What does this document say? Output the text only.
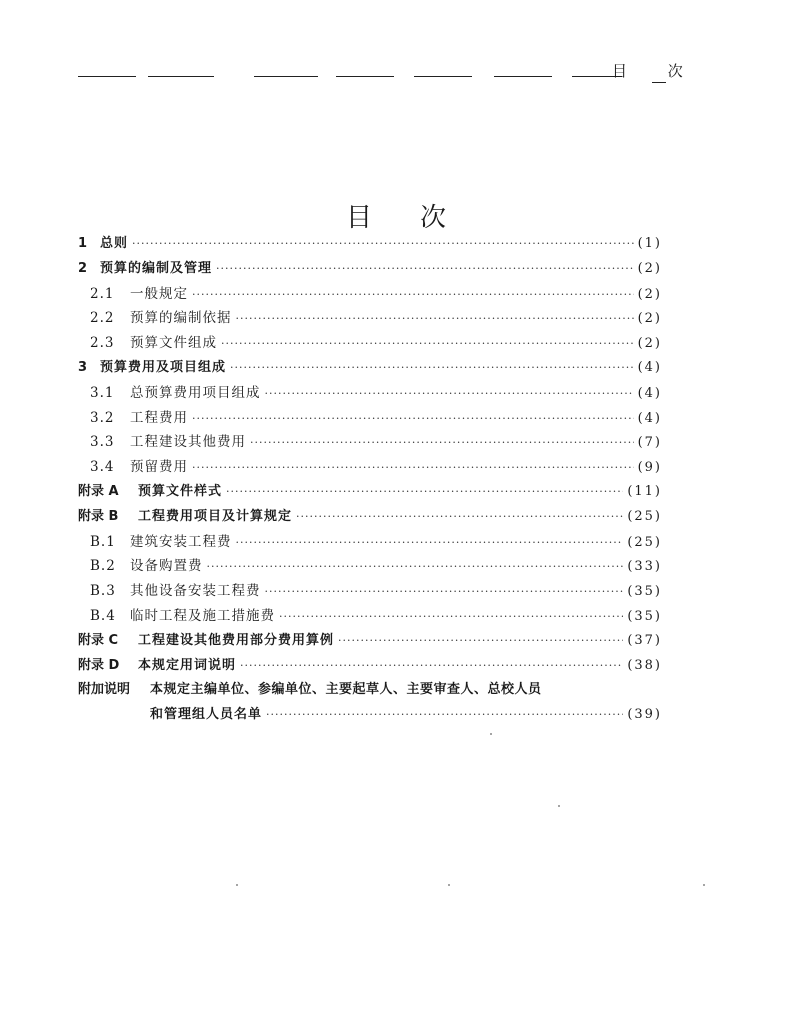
目 次
目次
1 总则 ·····	(1)
2 预算的编制及管理 ·····	(2)
2.1	一般规定 ·····	(2)
2.2	预算的编制依据 ·····	(2)
2.3	预算文件组成 ·····	(2)
3 预算费用及项目组成 ·····	(4)
3.1	总预算费用项目组成 ·····	(4)
3.2	工程费用 ·····	(4)
3.3	工程建设其他费用 ·····	(7)
3.4	预留费用 ·····	(9)
附录 A	预算文件样式 ·····	(11)
附录 B	工程费用项目及计算规定 ·····	(25)
B.1	建筑安装工程费 ·····	(25)
B.2	设备购置费 ·····	(33)
B.3	其他设备安装工程费 ·····	(35)
B.4	临时工程及施工措施费 ·····	(35)
附录 C	工程建设其他费用部分费用算例 ·····	(37)
附录 D	本规定用词说明 ·····	(38)
附加说明	本规定主编单位、参编单位、主要起草人、主要审查人、总校人员
和管理组人员名单 ·····	(39)
